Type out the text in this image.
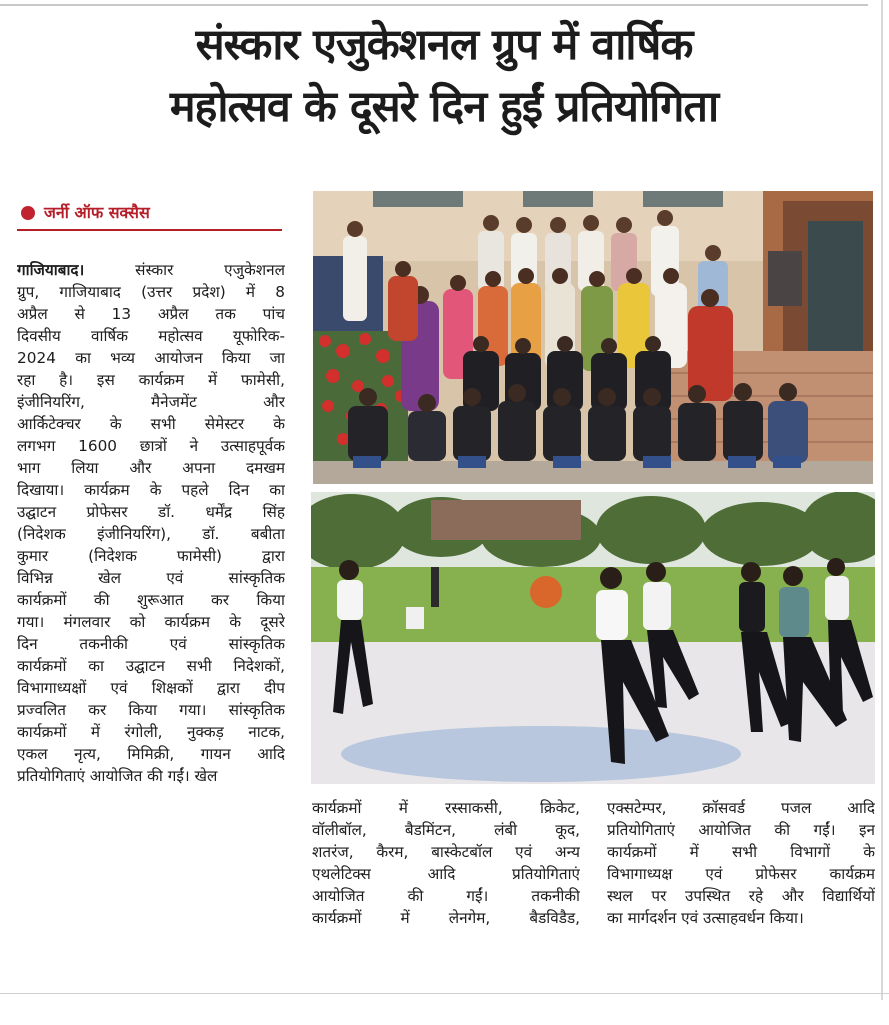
संस्कार एजुकेशनल ग्रुप में वार्षिक
महोत्सव के दूसरे दिन हुईं प्रतियोगिता
जर्नी ऑफ सक्सैस

गाजियाबाद। संस्कार एजुकेशनल

ग्रुप, गाजियाबाद (उत्तर प्रदेश) में 8

अप्रैल से 13 अप्रैल तक पांच

दिवसीय वार्षिक महोत्सव यूफोरिक-

2024 का भव्य आयोजन किया जा

रहा है। इस कार्यक्रम में फामेसी,

इंजीनियरिंग, मैनेजमेंट और

आर्किटेक्चर के सभी सेमेस्टर के

लगभग 1600 छात्रों ने उत्साहपूर्वक

भाग लिया और अपना दमखम

दिखाया। कार्यक्रम के पहले दिन का

उद्घाटन प्रोफेसर डॉ. धर्मेंद्र सिंह

(निदेशक इंजीनियरिंग), डॉ. बबीता

कुमार (निदेशक फामेसी) द्वारा

विभिन्न खेल एवं सांस्कृतिक

कार्यक्रमों की शुरूआत कर किया

गया। मंगलवार को कार्यक्रम के दूसरे

दिन तकनीकी एवं सांस्कृतिक

कार्यक्रमों का उद्घाटन सभी निदेशकों,

विभागाध्यक्षों एवं शिक्षकों द्वारा दीप

प्रज्वलित कर किया गया। सांस्कृतिक

कार्यक्रमों में रंगोली, नुक्कड़ नाटक,

एकल नृत्य, मिमिक्री, गायन आदि

प्रतियोगिताएं आयोजित की गईं। खेल

कार्यक्रमों में रस्साकसी, क्रिकेट,

वॉलीबॉल, बैडमिंटन, लंबी कूद,

शतरंज, कैरम, बास्केटबॉल एवं अन्य

एथलेटिक्स आदि प्रतियोगिताएं

आयोजित की गईं। तकनीकी

कार्यक्रमों में लेनगेम, बैडविडैड,

एक्सटेम्पर, क्रॉसवर्ड पजल आदि

प्रतियोगिताएं आयोजित की गईं। इन

कार्यक्रमों में सभी विभागों के

विभागाध्यक्ष एवं प्रोफेसर कार्यक्रम

स्थल पर उपस्थित रहे और विद्यार्थियों

का मार्गदर्शन एवं उत्साहवर्धन किया।
